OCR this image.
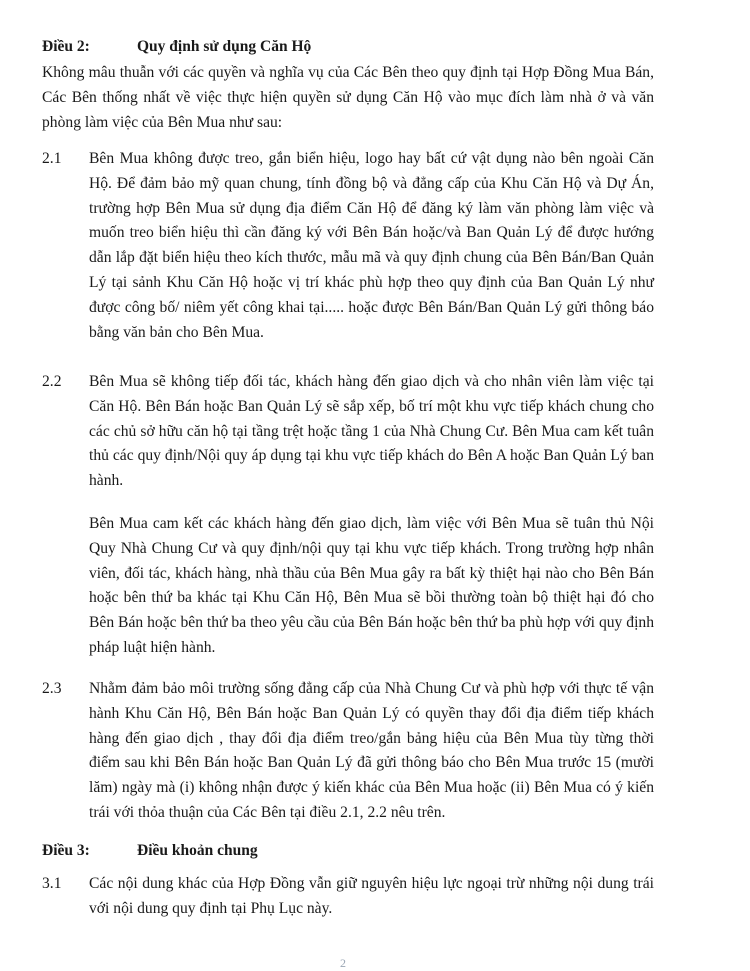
Điều 2:	Quy định sử dụng Căn Hộ
Không mâu thuẫn với các quyền và nghĩa vụ của Các Bên theo quy định tại Hợp Đồng Mua Bán, Các Bên thống nhất về việc thực hiện quyền sử dụng Căn Hộ vào mục đích làm nhà ở và văn phòng làm việc của Bên Mua như sau:
2.1 Bên Mua không được treo, gắn biển hiệu, logo hay bất cứ vật dụng nào bên ngoài Căn Hộ. Để đảm bảo mỹ quan chung, tính đồng bộ và đẳng cấp của Khu Căn Hộ và Dự Án, trường hợp Bên Mua sử dụng địa điểm Căn Hộ để đăng ký làm văn phòng làm việc và muốn treo biển hiệu thì cần đăng ký với Bên Bán hoặc/và Ban Quản Lý để được hướng dẫn lắp đặt biển hiệu theo kích thước, mẫu mã và quy định chung của Bên Bán/Ban Quản Lý tại sảnh Khu Căn Hộ hoặc vị trí khác phù hợp theo quy định của Ban Quản Lý như được công bố/ niêm yết công khai tại..... hoặc được Bên Bán/Ban Quản Lý gửi thông báo bằng văn bản cho Bên Mua.
2.2 Bên Mua sẽ không tiếp đối tác, khách hàng đến giao dịch và cho nhân viên làm việc tại Căn Hộ. Bên Bán hoặc Ban Quản Lý sẽ sắp xếp, bố trí một khu vực tiếp khách chung cho các chủ sở hữu căn hộ tại tầng trệt hoặc tầng 1 của Nhà Chung Cư. Bên Mua cam kết tuân thủ các quy định/Nội quy áp dụng tại khu vực tiếp khách do Bên A hoặc Ban Quản Lý ban hành.
Bên Mua cam kết các khách hàng đến giao dịch, làm việc với Bên Mua sẽ tuân thủ Nội Quy Nhà Chung Cư và quy định/nội quy tại khu vực tiếp khách. Trong trường hợp nhân viên, đối tác, khách hàng, nhà thầu của Bên Mua gây ra bất kỳ thiệt hại nào cho Bên Bán hoặc bên thứ ba khác tại Khu Căn Hộ, Bên Mua sẽ bồi thường toàn bộ thiệt hại đó cho Bên Bán hoặc bên thứ ba theo yêu cầu của Bên Bán hoặc bên thứ ba phù hợp với quy định pháp luật hiện hành.
2.3 Nhằm đảm bảo môi trường sống đẳng cấp của Nhà Chung Cư và phù hợp với thực tế vận hành Khu Căn Hộ, Bên Bán hoặc Ban Quản Lý có quyền thay đổi địa điểm tiếp khách hàng đến giao dịch , thay đổi địa điểm treo/gắn bảng hiệu của Bên Mua tùy từng thời điểm sau khi Bên Bán hoặc Ban Quản Lý đã gửi thông báo cho Bên Mua trước 15 (mười lăm) ngày mà (i) không nhận được ý kiến khác của Bên Mua hoặc (ii) Bên Mua có ý kiến trái với thỏa thuận của Các Bên tại điều 2.1, 2.2 nêu trên.
Điều 3:	Điều khoản chung
3.1 Các nội dung khác của Hợp Đồng vẫn giữ nguyên hiệu lực ngoại trừ những nội dung trái với nội dung quy định tại Phụ Lục này.
2
